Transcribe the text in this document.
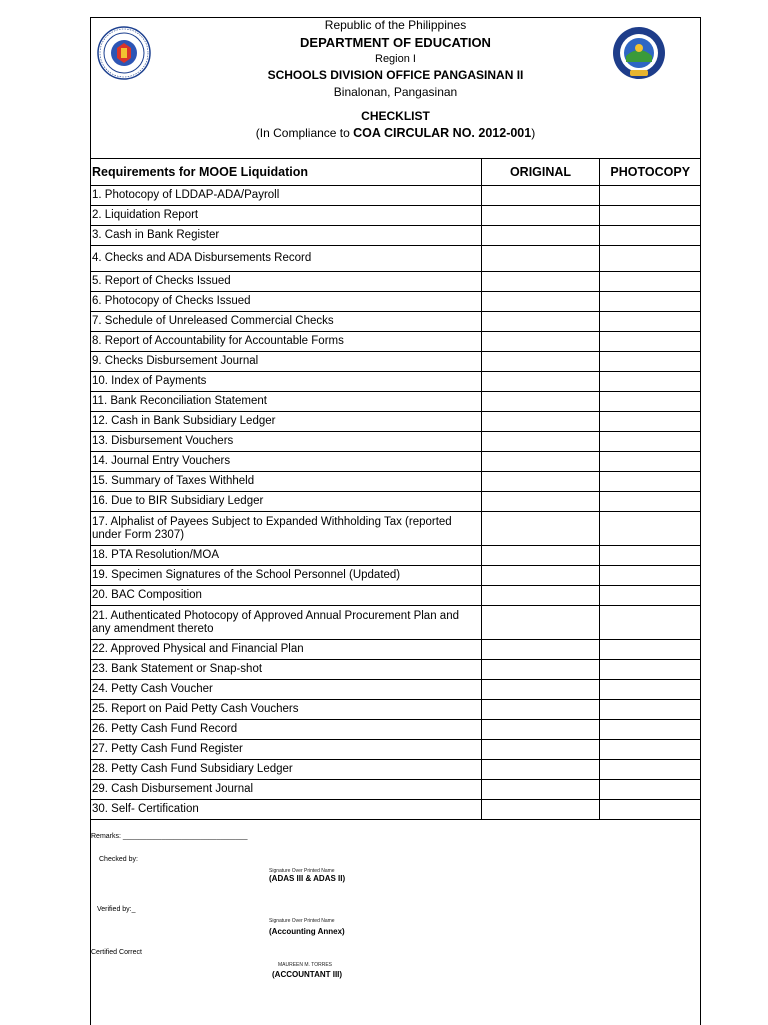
Republic of the Philippines
DEPARTMENT OF EDUCATION
Region I
SCHOOLS DIVISION OFFICE PANGASINAN II
Binalonan, Pangasinan
CHECKLIST
(In Compliance to COA CIRCULAR NO. 2012-001)
Requirements for MOOE Liquidation	ORIGINAL	PHOTOCOPY
1. Photocopy of LDDAP-ADA/Payroll		
2. Liquidation Report		
3. Cash in Bank Register		
4. Checks and ADA Disbursements Record		
5. Report of Checks Issued		
6. Photocopy of Checks Issued		
7. Schedule of Unreleased Commercial Checks		
8. Report of Accountability for Accountable Forms		
9. Checks Disbursement Journal		
10. Index of Payments		
11. Bank Reconciliation Statement		
12. Cash in Bank Subsidiary Ledger		
13. Disbursement Vouchers		
14. Journal Entry Vouchers		
15. Summary of Taxes Withheld		
16. Due to BIR Subsidiary Ledger		
17. Alphalist of Payees Subject to Expanded Withholding Tax (reported under Form 2307)		
18. PTA Resolution/MOA		
19. Specimen Signatures of the School Personnel (Updated)		
20. BAC Composition		
21. Authenticated Photocopy of Approved Annual Procurement Plan and any amendment thereto		
22. Approved Physical and Financial Plan		
23. Bank Statement or Snap-shot		
24. Petty Cash Voucher		
25. Report on Paid Petty Cash Vouchers		
26. Petty Cash Fund Record		
27. Petty Cash Fund Register		
28. Petty Cash Fund Subsidiary Ledger		
29. Cash Disbursement Journal		
30. Self- Certification		
Remarks: ________________________________
Checked by:
Signature Over Printed Name
(ADAS III & ADAS II)
Verified by:_
Signature Over Printed Name
(Accounting Annex)
Certified Correct
MAUREEN M. TORRES
(ACCOUNTANT III)
